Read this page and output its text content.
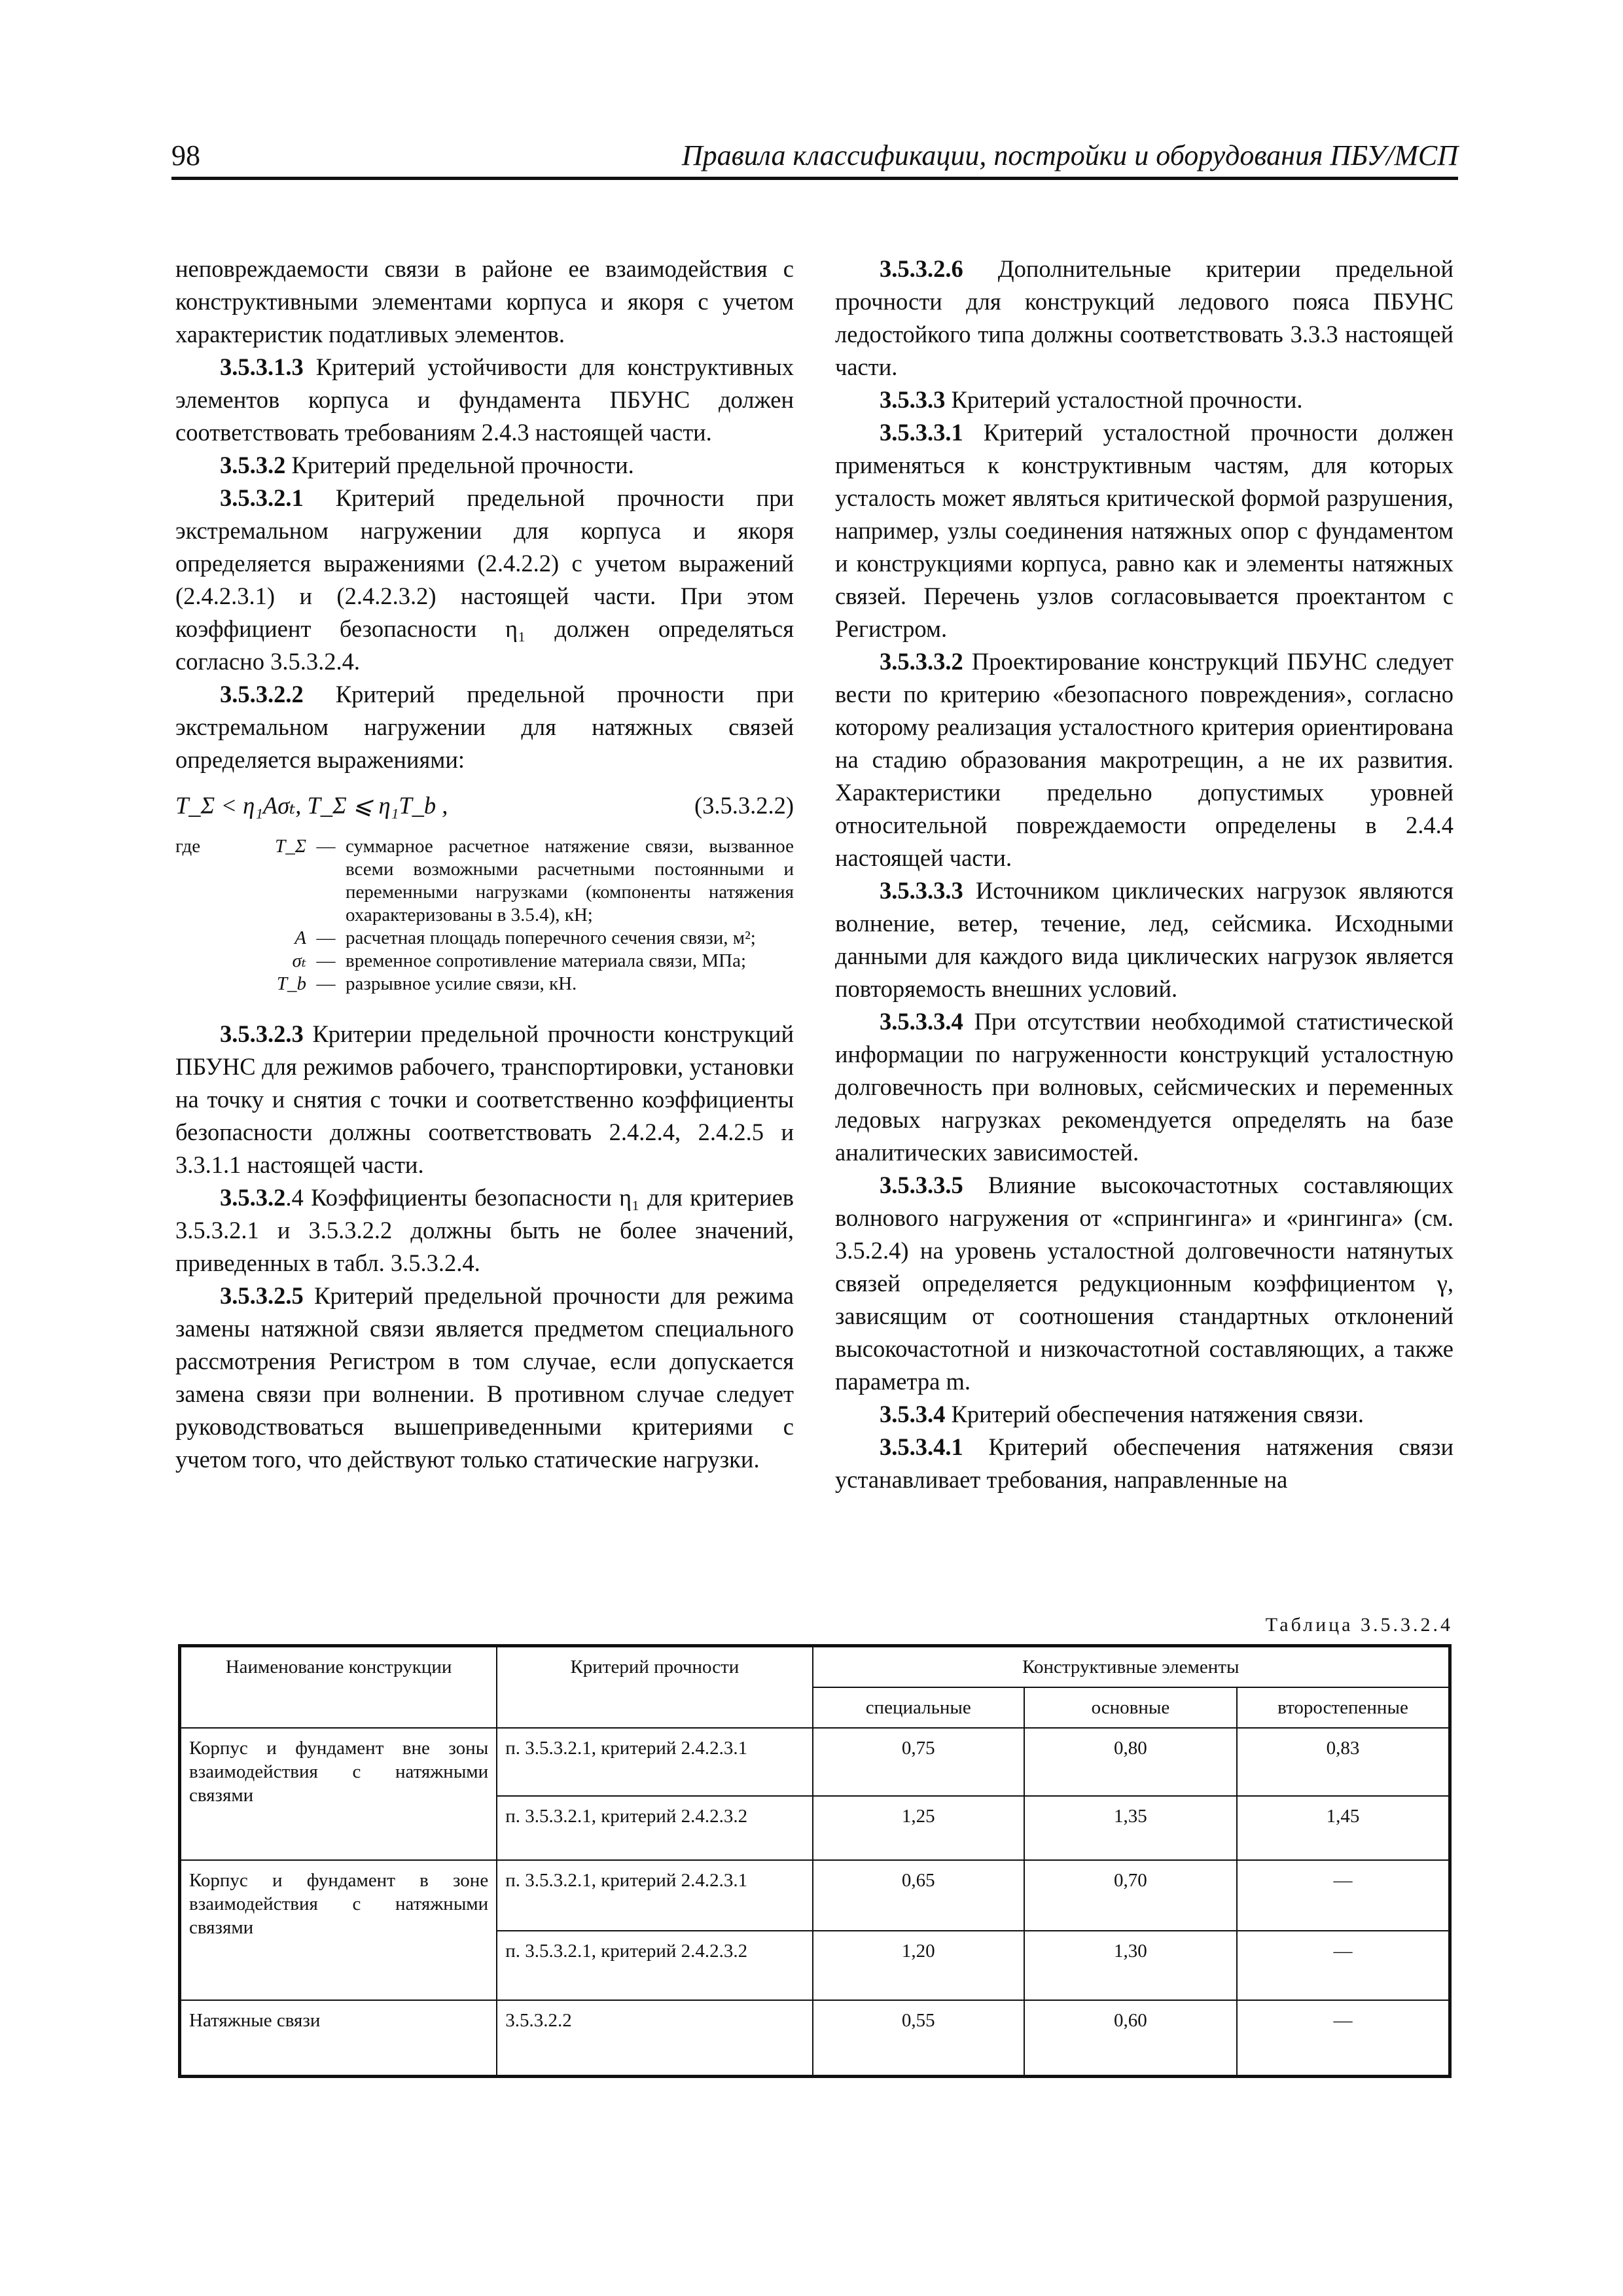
98	Правила классификации, постройки и оборудования ПБУ/МСП

неповреждаемости связи в районе ее взаимодействия с конструктивными элементами корпуса и якоря с учетом характеристик податливых элементов.

3.5.3.1.3 Критерий устойчивости для конструктивных элементов корпуса и фундамента ПБУНС должен соответствовать требованиям 2.4.3 настоящей части.

3.5.3.2 Критерий предельной прочности.

3.5.3.2.1 Критерий предельной прочности при экстремальном нагружении для корпуса и якоря определяется выражениями (2.4.2.2) с учетом выражений (2.4.2.3.1) и (2.4.2.3.2) настоящей части. При этом коэффициент безопасности η₁ должен определяться согласно 3.5.3.2.4.

3.5.3.2.2 Критерий предельной прочности при экстремальном нагружении для натяжных связей определяется выражениями:

T_Σ < η₁Aσₜ, T_Σ ⩽ η₁T_b ,	(3.5.3.2.2)
где	T_Σ — суммарное расчетное натяжение связи, вызванное всеми возможными расчетными постоянными и переменными нагрузками (компоненты натяжения охарактеризованы в 3.5.4), кН;
A — расчетная площадь поперечного сечения связи, м²;
σₜ — временное сопротивление материала связи, МПа;
T_b — разрывное усилие связи, кН.

3.5.3.2.3 Критерии предельной прочности конструкций ПБУНС для режимов рабочего, транспортировки, установки на точку и снятия с точки и соответственно коэффициенты безопасности должны соответствовать 2.4.2.4, 2.4.2.5 и 3.3.1.1 настоящей части.

3.5.3.2.4 Коэффициенты безопасности η₁ для критериев 3.5.3.2.1 и 3.5.3.2.2 должны быть не более значений, приведенных в табл. 3.5.3.2.4.

3.5.3.2.5 Критерий предельной прочности для режима замены натяжной связи является предметом специального рассмотрения Регистром в том случае, если допускается замена связи при волнении. В противном случае следует руководствоваться вышеприведенными критериями с учетом того, что действуют только статические нагрузки.

3.5.3.2.6 Дополнительные критерии предельной прочности для конструкций ледового пояса ПБУНС ледостойкого типа должны соответствовать 3.3.3 настоящей части.

3.5.3.3 Критерий усталостной прочности.

3.5.3.3.1 Критерий усталостной прочности должен применяться к конструктивным частям, для которых усталость может являться критической формой разрушения, например, узлы соединения натяжных опор с фундаментом и конструкциями корпуса, равно как и элементы натяжных связей. Перечень узлов согласовывается проектантом с Регистром.

3.5.3.3.2 Проектирование конструкций ПБУНС следует вести по критерию «безопасного повреждения», согласно которому реализация усталостного критерия ориентирована на стадию образования макротрещин, а не их развития. Характеристики предельно допустимых уровней относительной повреждаемости определены в 2.4.4 настоящей части.

3.5.3.3.3 Источником циклических нагрузок являются волнение, ветер, течение, лед, сейсмика. Исходными данными для каждого вида циклических нагрузок является повторяемость внешних условий.

3.5.3.3.4 При отсутствии необходимой статистической информации по нагруженности конструкций усталостную долговечность при волновых, сейсмических и переменных ледовых нагрузках рекомендуется определять на базе аналитических зависимостей.

3.5.3.3.5 Влияние высокочастотных составляющих волнового нагружения от «спрингинга» и «рингинга» (см. 3.5.2.4) на уровень усталостной долговечности натянутых связей определяется редукционным коэффициентом γ, зависящим от соотношения стандартных отклонений высокочастотной и низкочастотной составляющих, а также параметра m.

3.5.3.4 Критерий обеспечения натяжения связи.

3.5.3.4.1 Критерий обеспечения натяжения связи устанавливает требования, направленные на

Таблица 3.5.3.2.4
Наименование конструкции	Критерий прочности	Конструктивные элементы		
		специальные	основные	второстепенные
Корпус и фундамент вне зоны взаимодействия с натяжными связями	п. 3.5.3.2.1, критерий 2.4.2.3.1	0,75	0,80	0,83
	п. 3.5.3.2.1, критерий 2.4.2.3.2	1,25	1,35	1,45
Корпус и фундамент в зоне взаимодействия с натяжными связями	п. 3.5.3.2.1, критерий 2.4.2.3.1	0,65	0,70	—
	п. 3.5.3.2.1, критерий 2.4.2.3.2	1,20	1,30	—
Натяжные связи	3.5.3.2.2	0,55	0,60	—
